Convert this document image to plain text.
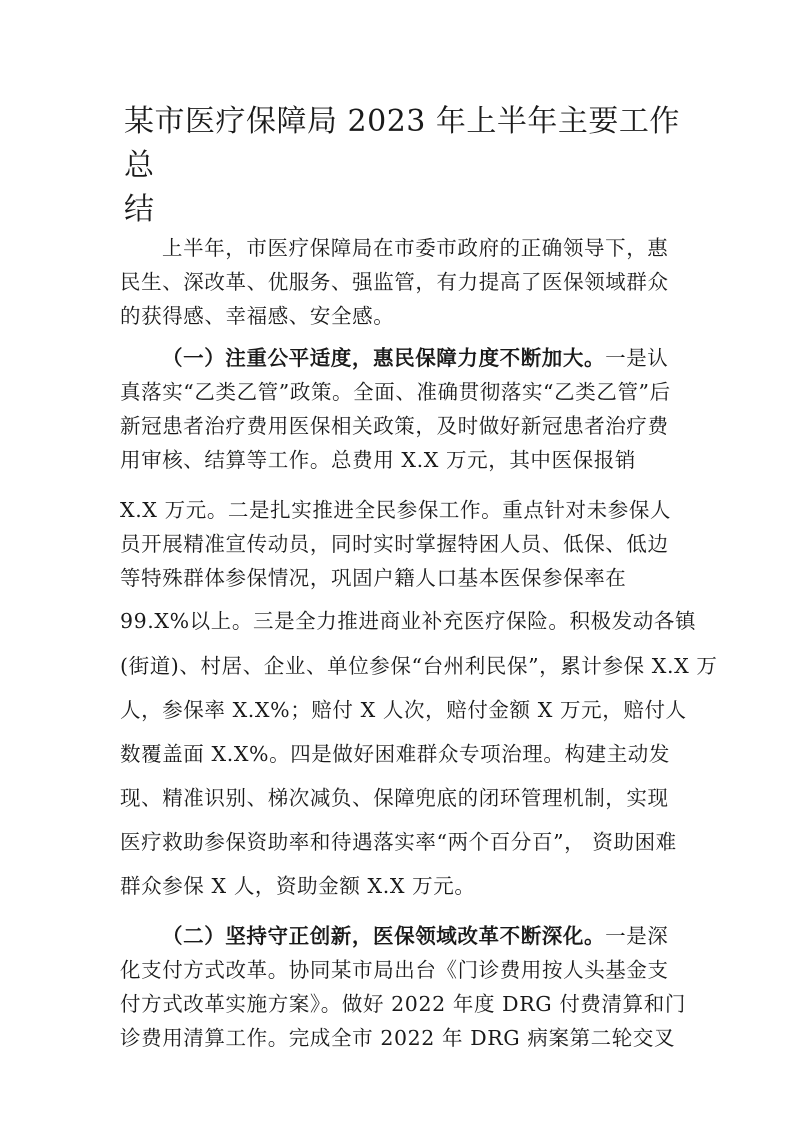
某市医疗保障局 2023 年上半年主要工作总
结
上半年，市医疗保障局在市委市政府的正确领导下，惠
民生、深改革、优服务、强监管，有力提高了医保领域群众
的获得感、幸福感、安全感。
（一）注重公平适度，惠民保障力度不断加大。一是认
真落实“乙类乙管”政策。全面、准确贯彻落实“乙类乙管”后
新冠患者治疗费用医保相关政策，及时做好新冠患者治疗费
用审核、结算等工作。总费用 X.X 万元，其中医保报销
X.X 万元。二是扎实推进全民参保工作。重点针对未参保人
员开展精准宣传动员，同时实时掌握特困人员、低保、低边
等特殊群体参保情况，巩固户籍人口基本医保参保率在
99.X%以上。三是全力推进商业补充医疗保险。积极发动各镇
(街道)、村居、企业、单位参保“台州利民保”，累计参保 X.X 万
人，参保率 X.X%；赔付 X 人次，赔付金额 X 万元，赔付人
数覆盖面 X.X%。四是做好困难群众专项治理。构建主动发
现、精准识别、梯次减负、保障兜底的闭环管理机制，实现
医疗救助参保资助率和待遇落实率“两个百分百”， 资助困难
群众参保 X 人，资助金额 X.X 万元。
（二）坚持守正创新，医保领域改革不断深化。一是深
化支付方式改革。协同某市局出台《门诊费用按人头基金支
付方式改革实施方案》。做好 2022 年度 DRG 付费清算和门
诊费用清算工作。完成全市 2022 年 DRG 病案第二轮交叉
